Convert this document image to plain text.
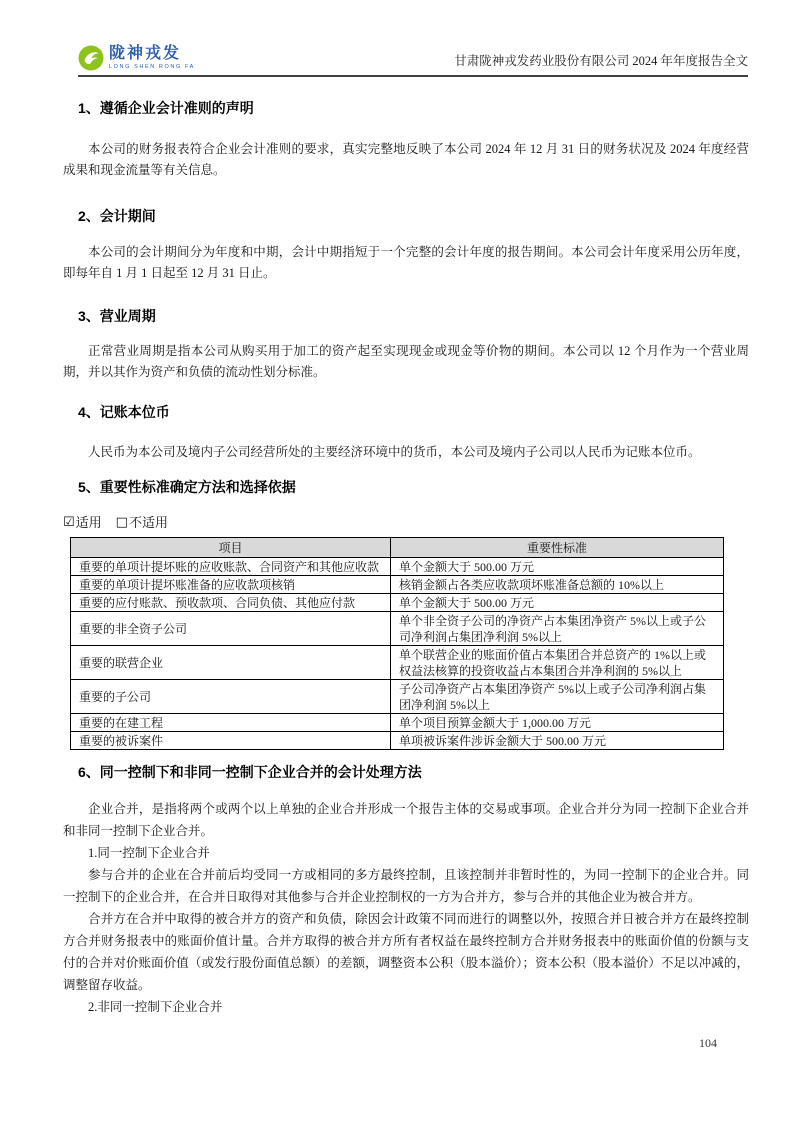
陇神戎发
LONG SHEN RONG FA	甘肃陇神戎发药业股份有限公司 2024 年年度报告全文
1、遵循企业会计准则的声明

本公司的财务报表符合企业会计准则的要求，真实完整地反映了本公司 2024 年 12 月 31 日的财务状况及 2024 年度经营成果和现金流量等有关信息。

2、会计期间

本公司的会计期间分为年度和中期，会计中期指短于一个完整的会计年度的报告期间。本公司会计年度采用公历年度，即每年自 1 月 1 日起至 12 月 31 日止。

3、营业周期

正常营业周期是指本公司从购买用于加工的资产起至实现现金或现金等价物的期间。本公司以 12 个月作为一个营业周期，并以其作为资产和负债的流动性划分标准。

4、记账本位币

人民币为本公司及境内子公司经营所处的主要经济环境中的货币，本公司及境内子公司以人民币为记账本位币。

5、重要性标准确定方法和选择依据
☑ 适用 □ 不适用
项目	重要性标准
重要的单项计提坏账的应收账款、合同资产和其他应收款	单个金额大于 500.00 万元
重要的单项计提坏账准备的应收款项核销	核销金额占各类应收款项坏账准备总额的 10%以上
重要的应付账款、预收款项、合同负债、其他应付款	单个金额大于 500.00 万元
重要的非全资子公司	单个非全资子公司的净资产占本集团净资产 5%以上或子公司净利润占集团净利润 5%以上
重要的联营企业	单个联营企业的账面价值占本集团合并总资产的 1%以上或权益法核算的投资收益占本集团合并净利润的 5%以上
重要的子公司	子公司净资产占本集团净资产 5%以上或子公司净利润占集团净利润 5%以上
重要的在建工程	单个项目预算金额大于 1,000.00 万元
重要的被诉案件	单项被诉案件涉诉金额大于 500.00 万元
6、同一控制下和非同一控制下企业合并的会计处理方法

企业合并，是指将两个或两个以上单独的企业合并形成一个报告主体的交易或事项。企业合并分为同一控制下企业合并和非同一控制下企业合并。

1.同一控制下企业合并

参与合并的企业在合并前后均受同一方或相同的多方最终控制，且该控制并非暂时性的，为同一控制下的企业合并。同一控制下的企业合并，在合并日取得对其他参与合并企业控制权的一方为合并方，参与合并的其他企业为被合并方。

合并方在合并中取得的被合并方的资产和负债，除因会计政策不同而进行的调整以外，按照合并日被合并方在最终控制方合并财务报表中的账面价值计量。合并方取得的被合并方所有者权益在最终控制方合并财务报表中的账面价值的份额与支付的合并对价账面价值（或发行股份面值总额）的差额，调整资本公积（股本溢价）；资本公积（股本溢价）不足以冲减的，调整留存收益。

2.非同一控制下企业合并

104
